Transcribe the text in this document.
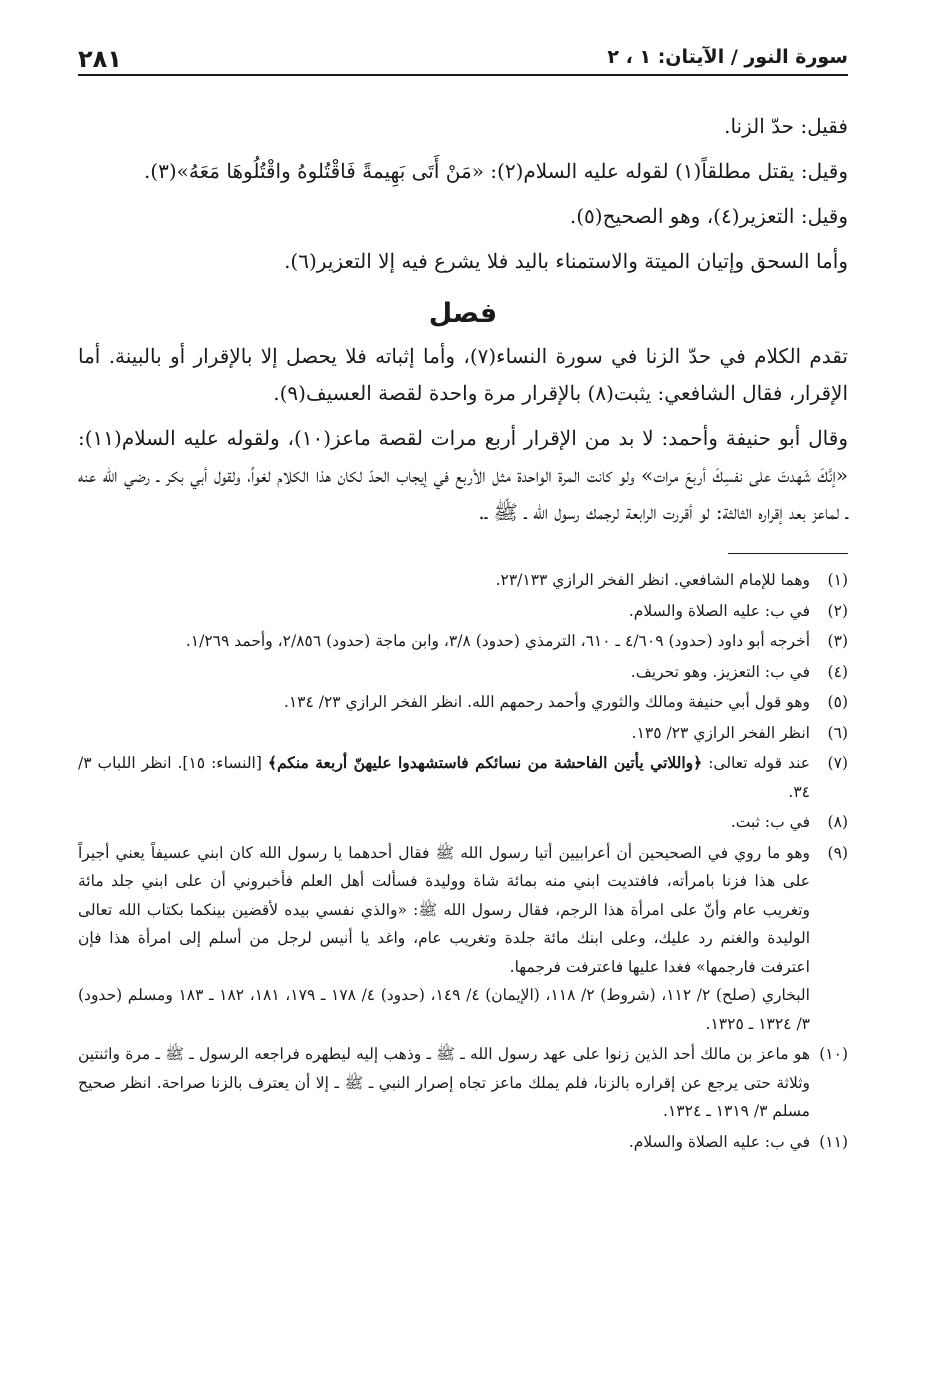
سورة النور / الآيتان: ١ ، ٢
٢٨١

فقيل: حدّ الزنا.

وقيل: يقتل مطلقاً(١) لقوله عليه السلام(٢): «مَنْ أَتَى بَهِيمةً فَاقْتُلوهُ واقْتُلُوهَا مَعَهُ»(٣).

وقيل: التعزير(٤)، وهو الصحيح(٥).

وأما السحق وإتيان الميتة والاستمناء باليد فلا يشرع فيه إلا التعزير(٦).

فصل

تقدم الكلام في حدّ الزنا في سورة النساء(٧)، وأما إثباته فلا يحصل إلا بالإقرار أو بالبينة. أما الإقرار، فقال الشافعي: يثبت(٨) بالإقرار مرة واحدة لقصة العسيف(٩).

وقال أبو حنيفة وأحمد: لا بد من الإقرار أربع مرات لقصة ماعز(١٠)، ولقوله عليه السلام(١١): «إنَّكَ شَهدتَ على نفسِكَ أربعَ مرات» ولو كانت المرة الواحدة مثل الأربع في إيجاب الحدّ لكان هذا الكلام لغواً، ولقول أبي بكر ـ رضي الله عنه ـ لماعز بعد إقراره الثالثة: لو أقررت الرابعة لرجمك رسول الله ـ ﷺ ـ.

(١)
وهما للإمام الشافعي. انظر الفخر الرازي ٢٣/١٣٣.
(٢)
في ب: عليه الصلاة والسلام.
(٣)
أخرجه أبو داود (حدود) ٤/٦٠٩ ـ ٦١٠، الترمذي (حدود) ٣/٨، وابن ماجة (حدود) ٢/٨٥٦، وأحمد ١/٢٦٩.
(٤)
في ب: التعزيز. وهو تحريف.
(٥)
وهو قول أبي حنيفة ومالك والثوري وأحمد رحمهم الله. انظر الفخر الرازي ٢٣/ ١٣٤.
(٦)
انظر الفخر الرازي ٢٣/ ١٣٥.
(٧)
عند قوله تعالى: ﴿واللاتي يأتين الفاحشة من نسائكم فاستشهدوا عليهنّ أربعة منكم﴾ [النساء: ١٥]. انظر اللباب ٣/ ٣٤.
(٨)
في ب: ثبت.
(٩)
وهو ما روي في الصحيحين أن أعرابيين أتيا رسول الله ﷺ فقال أحدهما يا رسول الله كان ابني عسيفاً يعني أجيراً على هذا فزنا بامرأته، فافتديت ابني منه بمائة شاة ووليدة فسألت أهل العلم فأخبروني أن على ابني جلد مائة وتغريب عام وأنّ على امرأة هذا الرجم، فقال رسول الله ﷺ: «والذي نفسي بيده لأقضين بينكما بكتاب الله تعالى الوليدة والغنم رد عليك، وعلى ابنك مائة جلدة وتغريب عام، واغد يا أنيس لرجل من أسلم إلى امرأة هذا فإن اعترفت فارجمها» فغدا عليها فاعترفت فرجمها.
البخاري (صلح) ٢/ ١١٢، (شروط) ٢/ ١١٨، (الإيمان) ٤/ ١٤٩، (حدود) ٤/ ١٧٨ ـ ١٧٩، ١٨١، ١٨٢ ـ ١٨٣ ومسلم (حدود) ٣/ ١٣٢٤ ـ ١٣٢٥.
(١٠)
هو ماعز بن مالك أحد الذين زنوا على عهد رسول الله ـ ﷺ ـ وذهب إليه ليطهره فراجعه الرسول ـ ﷺ ـ مرة واثنتين وثلاثة حتى يرجع عن إقراره بالزنا، فلم يملك ماعز تجاه إصرار النبي ـ ﷺ ـ إلا أن يعترف بالزنا صراحة. انظر صحيح مسلم ٣/ ١٣١٩ ـ ١٣٢٤.
(١١)
في ب: عليه الصلاة والسلام.
